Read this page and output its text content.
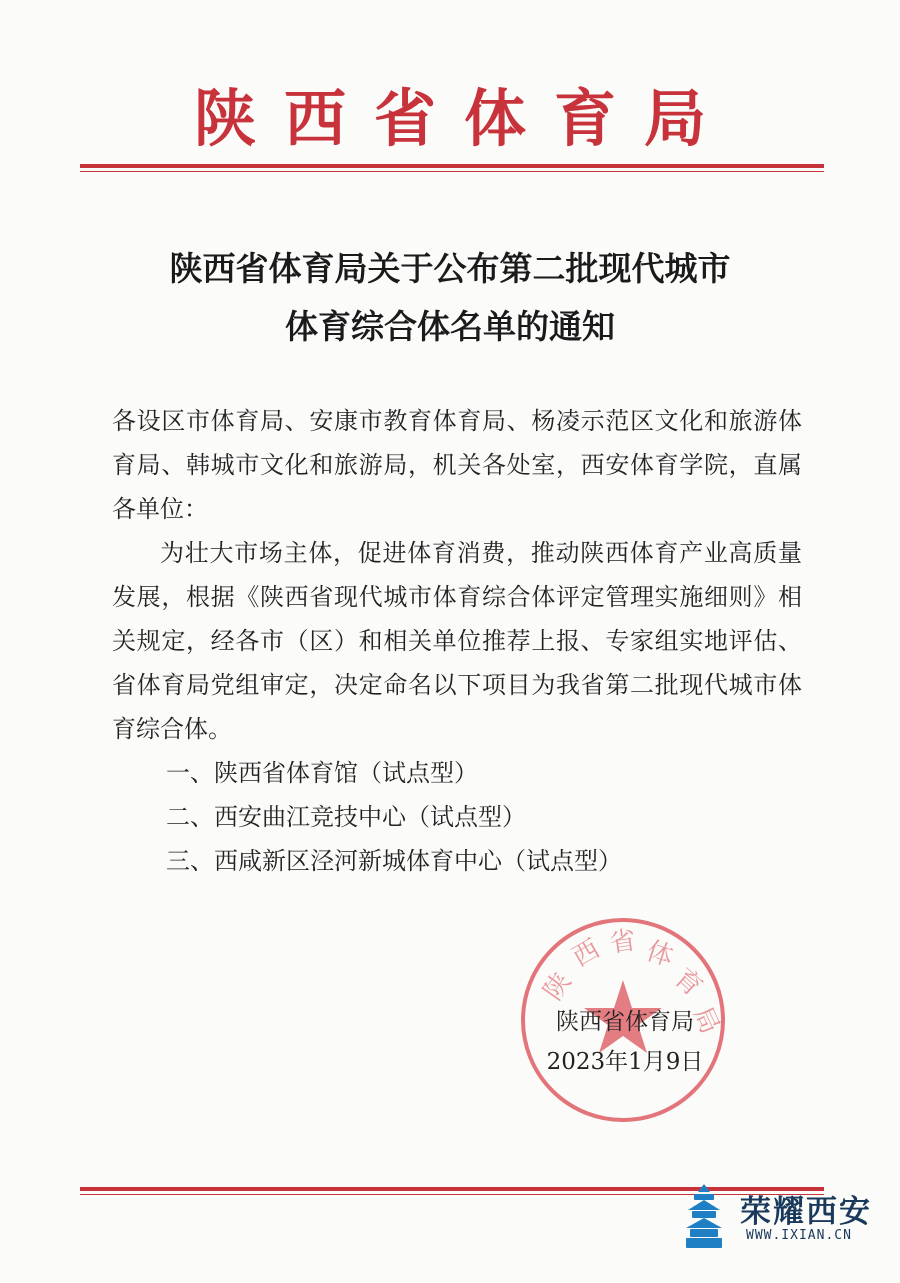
陕西省体育局
陕西省体育局关于公布第二批现代城市
体育综合体名单的通知

各设区市体育局、安康市教育体育局、杨凌示范区文化和旅游体育局、韩城市文化和旅游局，机关各处室，西安体育学院，直属各单位：

为壮大市场主体，促进体育消费，推动陕西体育产业高质量发展，根据《陕西省现代城市体育综合体评定管理实施细则》相关规定，经各市（区）和相关单位推荐上报、专家组实地评估、省体育局党组审定，决定命名以下项目为我省第二批现代城市体育综合体。

一、陕西省体育馆（试点型）

二、西安曲江竞技中心（试点型）

三、西咸新区泾河新城体育中心（试点型）

陕
西 省 体
育
局
陕西省体育局
2023年1月9日
荣耀西安
WWW.IXIAN.CN
